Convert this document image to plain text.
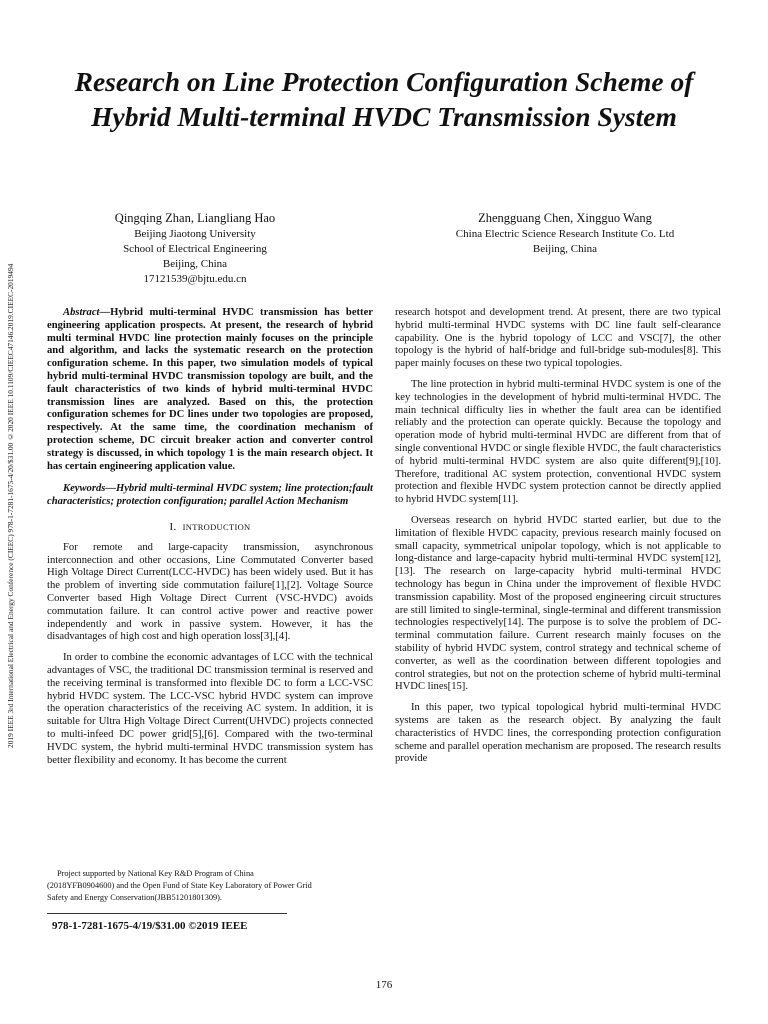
2019 IEEE 3rd International Electrical and Energy Conference (CIEEC) 978-1-7281-1675-4/20/$31.00 ©2020 IEEE 10.1109/CIEEC47146.2019.CIEEC-2019494
Research on Line Protection Configuration Scheme of Hybrid Multi-terminal HVDC Transmission System
Qingqing Zhan, Liangliang Hao
Beijing Jiaotong University
School of Electrical Engineering
Beijing, China
17121539@bjtu.edu.cn
Zhengguang Chen, Xingguo Wang
China Electric Science Research Institute Co. Ltd
Beijing, China

Abstract—Hybrid multi-terminal HVDC transmission has better engineering application prospects. At present, the research of hybrid multi terminal HVDC line protection mainly focuses on the principle and algorithm, and lacks the systematic research on the protection configuration scheme. In this paper, two simulation models of typical hybrid multi-terminal HVDC transmission topology are built, and the fault characteristics of two kinds of hybrid multi-terminal HVDC transmission lines are analyzed. Based on this, the protection configuration schemes for DC lines under two topologies are proposed, respectively. At the same time, the coordination mechanism of protection scheme, DC circuit breaker action and converter control strategy is discussed, in which topology 1 is the main research object. It has certain engineering application value.

Keywords—Hybrid multi-terminal HVDC system; line protection;fault characteristics; protection configuration; parallel Action Mechanism

I. INTRODUCTION

For remote and large-capacity transmission, asynchronous interconnection and other occasions, Line Commutated Converter based High Voltage Direct Current(LCC-HVDC) has been widely used. But it has the problem of inverting side commutation failure[1],[2]. Voltage Source Converter based High Voltage Direct Current (VSC-HVDC) avoids commutation failure. It can control active power and reactive power independently and work in passive system. However, it has the disadvantages of high cost and high operation loss[3],[4].

In order to combine the economic advantages of LCC with the technical advantages of VSC, the traditional DC transmission terminal is reserved and the receiving terminal is transformed into flexible DC to form a LCC-VSC hybrid HVDC system. The LCC-VSC hybrid HVDC system can improve the operation characteristics of the receiving AC system. In addition, it is suitable for Ultra High Voltage Direct Current(UHVDC) projects connected to multi-infeed DC power grid[5],[6]. Compared with the two-terminal HVDC system, the hybrid multi-terminal HVDC transmission system has better flexibility and economy. It has become the current

research hotspot and development trend. At present, there are two typical hybrid multi-terminal HVDC systems with DC line fault self-clearance capability. One is the hybrid topology of LCC and VSC[7], the other topology is the hybrid of half-bridge and full-bridge sub-modules[8]. This paper mainly focuses on these two typical topologies.

The line protection in hybrid multi-terminal HVDC system is one of the key technologies in the development of hybrid multi-terminal HVDC. The main technical difficulty lies in whether the fault area can be identified reliably and the protection can operate quickly. Because the topology and operation mode of hybrid multi-terminal HVDC are different from that of single conventional HVDC or single flexible HVDC, the fault characteristics of hybrid multi-terminal HVDC system are also quite different[9],[10]. Therefore, traditional AC system protection, conventional HVDC system protection and flexible HVDC system protection cannot be directly applied to hybrid HVDC system[11].

Overseas research on hybrid HVDC started earlier, but due to the limitation of flexible HVDC capacity, previous research mainly focused on small capacity, symmetrical unipolar topology, which is not applicable to long-distance and large-capacity hybrid multi-terminal HVDC system[12],[13]. The research on large-capacity hybrid multi-terminal HVDC technology has begun in China under the improvement of flexible HVDC transmission capability. Most of the proposed engineering circuit structures are still limited to single-terminal, single-terminal and different transmission technologies respectively[14]. The purpose is to solve the problem of DC-terminal commutation failure. Current research mainly focuses on the stability of hybrid HVDC system, control strategy and technical scheme of converter, as well as the coordination between different topologies and control strategies, but not on the protection scheme of hybrid multi-terminal HVDC lines[15].

In this paper, two typical topological hybrid multi-terminal HVDC systems are taken as the research object. By analyzing the fault characteristics of HVDC lines, the corresponding protection configuration scheme and parallel operation mechanism are proposed. The research results provide

Project supported by National Key R&D Program of China
(2018YFB0904600) and the Open Fund of State Key Laboratory of Power Grid
Safety and Energy Conservation(JBB51201801309).
978-1-7281-1675-4/19/$31.00 ©2019 IEEE
176
